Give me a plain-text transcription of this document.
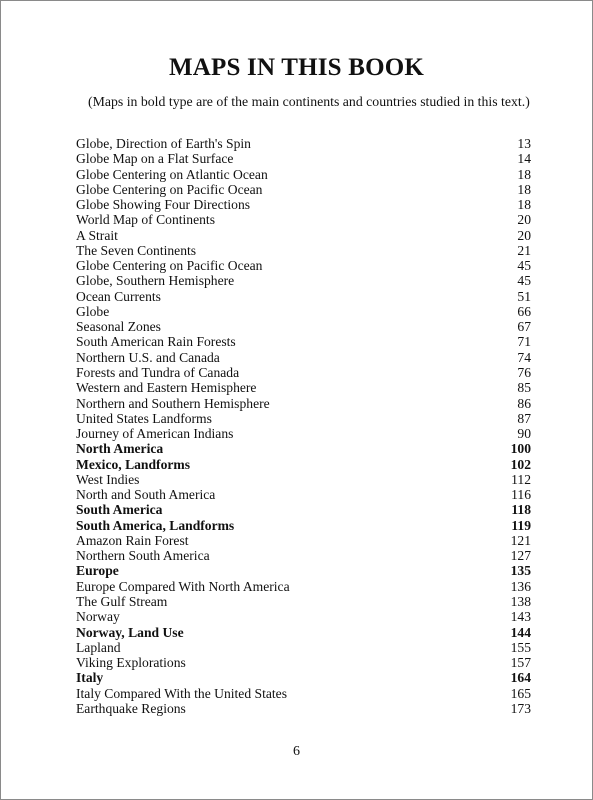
MAPS IN THIS BOOK

(Maps in bold type are of the main continents and countries studied in this text.)

Globe, Direction of Earth's Spin	13
Globe Map on a Flat Surface	14
Globe Centering on Atlantic Ocean	18
Globe Centering on Pacific Ocean	18
Globe Showing Four Directions	18
World Map of Continents	20
A Strait	20
The Seven Continents	21
Globe Centering on Pacific Ocean	45
Globe, Southern Hemisphere	45
Ocean Currents	51
Globe	66
Seasonal Zones	67
South American Rain Forests	71
Northern U.S. and Canada	74
Forests and Tundra of Canada	76
Western and Eastern Hemisphere	85
Northern and Southern Hemisphere	86
United States Landforms	87
Journey of American Indians	90
North America	100
Mexico, Landforms	102
West Indies	112
North and South America	116
South America	118
South America, Landforms	119
Amazon Rain Forest	121
Northern South America	127
Europe	135
Europe Compared With North America	136
The Gulf Stream	138
Norway	143
Norway, Land Use	144
Lapland	155
Viking Explorations	157
Italy	164
Italy Compared With the United States	165
Earthquake Regions	173
6
